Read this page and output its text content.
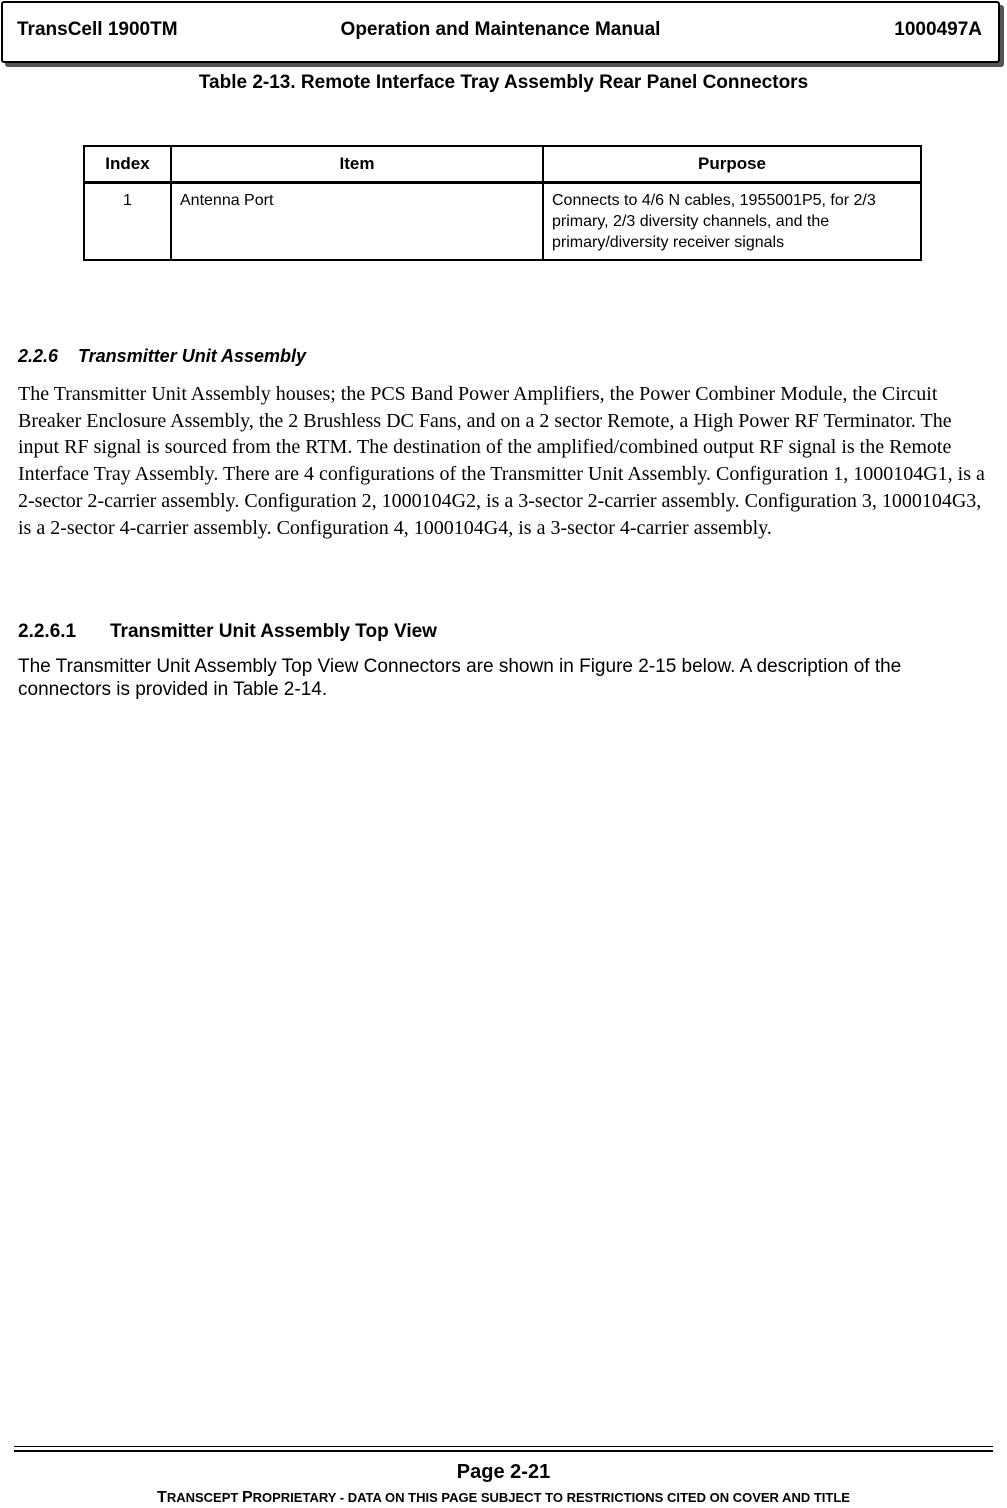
TransCell 1900TM	Operation and Maintenance Manual	1000497A
Table 2-13. Remote Interface Tray Assembly Rear Panel Connectors
Index	Item	Purpose
1	Antenna Port	Connects to 4/6 N cables, 1955001P5, for 2/3 primary, 2/3 diversity channels, and the primary/diversity receiver signals
2.2.6 Transmitter Unit Assembly

The Transmitter Unit Assembly houses; the PCS Band Power Amplifiers, the Power Combiner Module, the Circuit Breaker Enclosure Assembly, the 2 Brushless DC Fans, and on a 2 sector Remote, a High Power RF Terminator. The input RF signal is sourced from the RTM. The destination of the amplified/combined output RF signal is the Remote Interface Tray Assembly. There are 4 configurations of the Transmitter Unit Assembly. Configuration 1, 1000104G1, is a 2-sector 2-carrier assembly. Configuration 2, 1000104G2, is a 3-sector 2-carrier assembly. Configuration 3, 1000104G3, is a 2-sector 4-carrier assembly. Configuration 4, 1000104G4, is a 3-sector 4-carrier assembly.

2.2.6.1 Transmitter Unit Assembly Top View

The Transmitter Unit Assembly Top View Connectors are shown in Figure 2-15 below. A description of the connectors is provided in Table 2-14.

Page 2-21
TRANSCEPT PROPRIETARY - DATA ON THIS PAGE SUBJECT TO RESTRICTIONS CITED ON COVER AND TITLE
